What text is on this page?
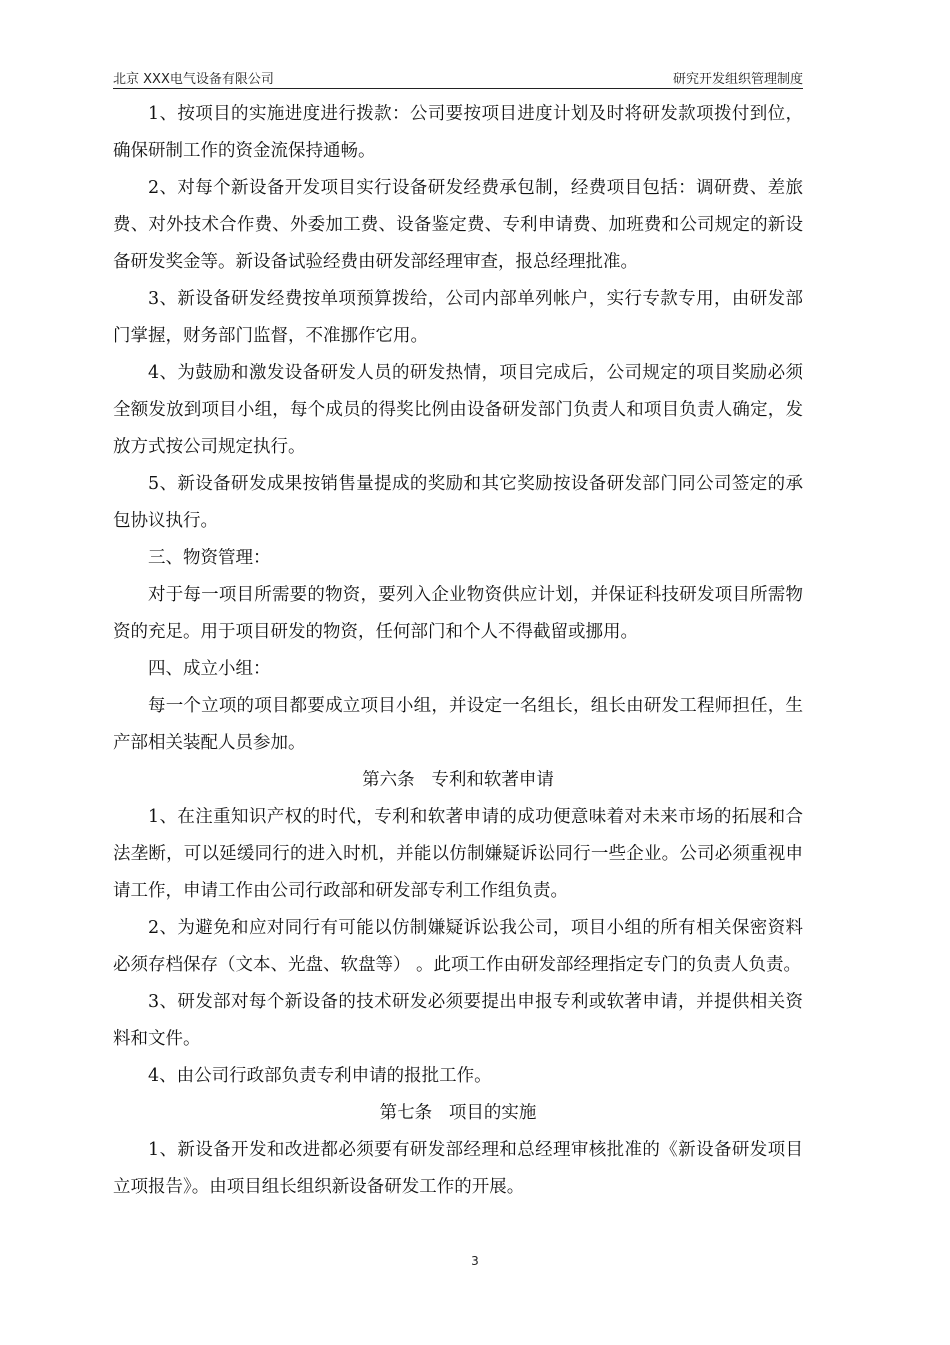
北京 XXX电气设备有限公司	研究开发组织管理制度

1、按项目的实施进度进行拨款：公司要按项目进度计划及时将研发款项拨付到位，确保研制工作的资金流保持通畅。

2、对每个新设备开发项目实行设备研发经费承包制，经费项目包括：调研费、差旅费、对外技术合作费、外委加工费、设备鉴定费、专利申请费、加班费和公司规定的新设备研发奖金等。新设备试验经费由研发部经理审查，报总经理批准。

3、新设备研发经费按单项预算拨给，公司内部单列帐户，实行专款专用，由研发部门掌握，财务部门监督，不准挪作它用。

4、为鼓励和激发设备研发人员的研发热情，项目完成后，公司规定的项目奖励必须全额发放到项目小组，每个成员的得奖比例由设备研发部门负责人和项目负责人确定，发放方式按公司规定执行。

5、新设备研发成果按销售量提成的奖励和其它奖励按设备研发部门同公司签定的承包协议执行。

三、物资管理：

对于每一项目所需要的物资，要列入企业物资供应计划，并保证科技研发项目所需物资的充足。用于项目研发的物资，任何部门和个人不得截留或挪用。

四、成立小组：

每一个立项的项目都要成立项目小组，并设定一名组长，组长由研发工程师担任，生产部相关装配人员参加。

第六条   专利和软著申请

1、在注重知识产权的时代，专利和软著申请的成功便意味着对未来市场的拓展和合法垄断，可以延缓同行的进入时机，并能以仿制嫌疑诉讼同行一些企业。公司必须重视申请工作，申请工作由公司行政部和研发部专利工作组负责。

2、为避免和应对同行有可能以仿制嫌疑诉讼我公司，项目小组的所有相关保密资料必须存档保存（文本、光盘、软盘等） 。此项工作由研发部经理指定专门的负责人负责。

3、研发部对每个新设备的技术研发必须要提出申报专利或软著申请，并提供相关资料和文件。

4、由公司行政部负责专利申请的报批工作。

第七条   项目的实施

1、新设备开发和改进都必须要有研发部经理和总经理审核批准的《新设备研发项目立项报告》。由项目组长组织新设备研发工作的开展。

3
